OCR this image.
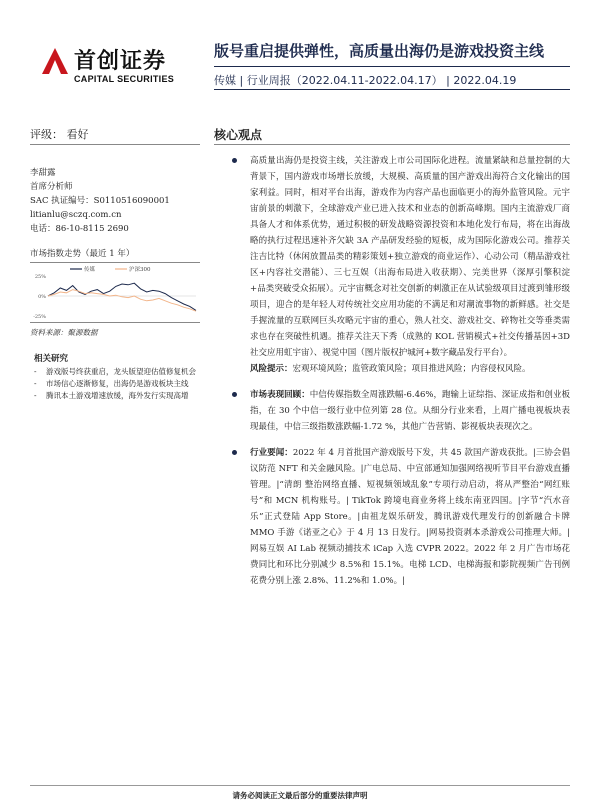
首创证券
CAPITAL SECURITIES
版号重启提供弹性，高质量出海仍是游戏投资主线
传媒 | 行业周报（2022.04.11-2022.04.17） | 2022.04.19
评级： 看好	核心观点
李甜露
首席分析师
SAC 执证编号：S0110516090001
litianlu@sczq.com.cn
电话：86-10-8115 2690
市场指数走势（最近 1 年）
25%
0%
-25%
传媒	沪深300
资料来源：聚源数据
相关研究
-	游戏版号终获重启，龙头版望迎估值修复机会
-	市场信心逐渐修复，出海仍是游戏板块主线
-	腾讯本土游戏增速放缓，海外发行实现高增

高质量出海仍是投资主线，关注游戏上市公司国际化进程。流量紧缺和总量控制的大背景下，国内游戏市场增长放缓，大规模、高质量的国产游戏出海符合文化输出的国家利益。同时，相对平台出海，游戏作为内容产品也面临更小的海外监管风险。元宇宙前景的刺激下，全球游戏产业已进入技术和业态的创新高峰期。国内主流游戏厂商具备人才和体系优势，通过积极的研发战略资源投资和本地化发行布局，将在出海战略的执行过程迅速补齐欠缺 3A 产品研发经验的短板，成为国际化游戏公司。推荐关注吉比特（休闲放置品类的精彩策划+独立游戏的商业运作）、心动公司（精品游戏社区+内容社交潜能）、三七互娱（出海布局进入收获期）、完美世界（深厚引擎积淀+品类突破受众拓展）。元宇宙概念对社交创新的刺激正在从试验级项目过渡到雏形级项目，迎合的是年轻人对传统社交应用功能的不满足和对潮流事物的新鲜感。社交是手握流量的互联网巨头攻略元宇宙的重心，熟人社交、游戏社交、碎物社交等垂类需求也存在突破性机遇。推荐关注天下秀（成熟的 KOL 营销模式+社交传播基因+3D 社交应用虹宇宙）、视觉中国（图片版权护城河+数字藏品发行平台）。

风险提示：宏观环境风险；监管政策风险；项目推进风险；内容侵权风险。

市场表现回顾：中信传媒指数全周涨跌幅-6.46%，跑输上证综指、深证成指和创业板指，在 30 个中信一级行业中位列第 28 位。从细分行业来看，上周广播电视板块表现最佳，中信三级指数涨跌幅-1.72 %，其他广告营销、影视板块表现次之。

行业要闻：2022 年 4 月首批国产游戏版号下发，共 45 款国产游戏获批。|三协会倡议防范 NFT 和关金融风险。|广电总局、中宣部通知加强网络视听节目平台游戏直播管理。|“清朗 整治网络直播、短视频领域乱象”专项行动启动，将从严整治“网红账号”和 MCN 机构账号。| TikTok 跨境电商业务将上线东南亚四国。|字节“汽水音乐”正式登陆 App Store。|由祖龙娱乐研发，腾讯游戏代理发行的创新融合卡牌 MMO 手游《诺亚之心》于 4 月 13 日发行。|网易投资剥本杀游戏公司推理大师。|网易互娱 AI Lab 视频动捕技术 iCap 入选 CVPR 2022。2022 年 2 月广告市场花费同比和环比分别减少 8.5%和 15.1%。电梯 LCD、电梯海报和影院视频广告刊例花费分别上涨 2.8%、11.2%和 1.0%。|

请务必阅读正文最后部分的重要法律声明
